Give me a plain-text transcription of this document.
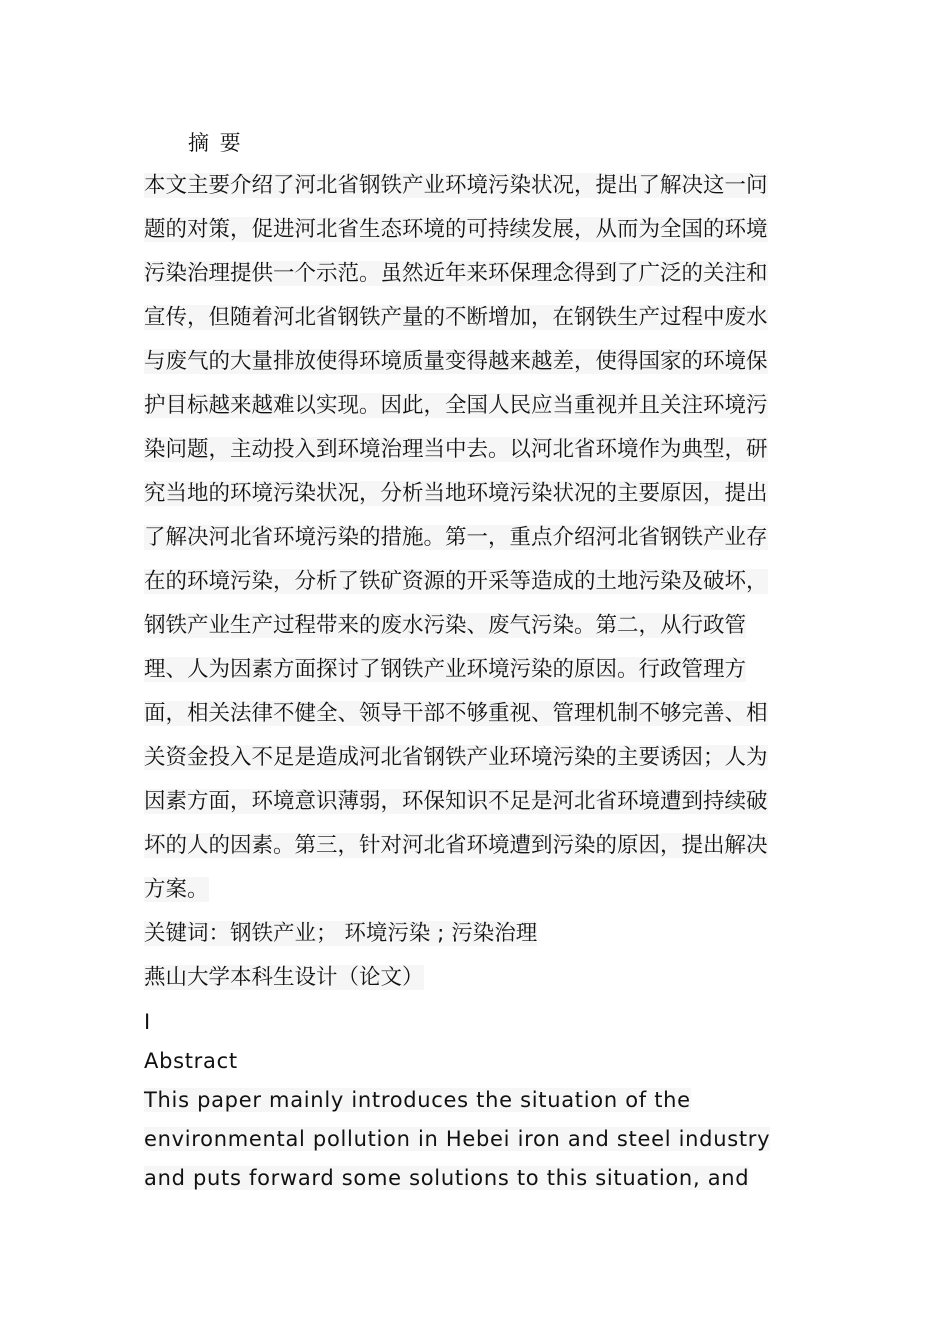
摘 要
本文主要介绍了河北省钢铁产业环境污染状况，提出了解决这一问
题的对策，促进河北省生态环境的可持续发展，从而为全国的环境
污染治理提供一个示范。虽然近年来环保理念得到了广泛的关注和
宣传，但随着河北省钢铁产量的不断增加，在钢铁生产过程中废水
与废气的大量排放使得环境质量变得越来越差，使得国家的环境保
护目标越来越难以实现。因此，全国人民应当重视并且关注环境污
染问题，主动投入到环境治理当中去。以河北省环境作为典型，研
究当地的环境污染状况，分析当地环境污染状况的主要原因，提出
了解决河北省环境污染的措施。第一，重点介绍河北省钢铁产业存
在的环境污染，分析了铁矿资源的开采等造成的土地污染及破坏，
钢铁产业生产过程带来的废水污染、废气污染。第二，从行政管
理、人为因素方面探讨了钢铁产业环境污染的原因。行政管理方
面，相关法律不健全、领导干部不够重视、管理机制不够完善、相
关资金投入不足是造成河北省钢铁产业环境污染的主要诱因；人为
因素方面，环境意识薄弱，环保知识不足是河北省环境遭到持续破
坏的人的因素。第三，针对河北省环境遭到污染的原因，提出解决
方案。
关键词：钢铁产业； 环境污染 ; 污染治理
燕山大学本科生设计（论文）
I
Abstract
This paper mainly introduces the situation of the
environmental pollution in Hebei iron and steel industry
and puts forward some solutions to this situation, and
